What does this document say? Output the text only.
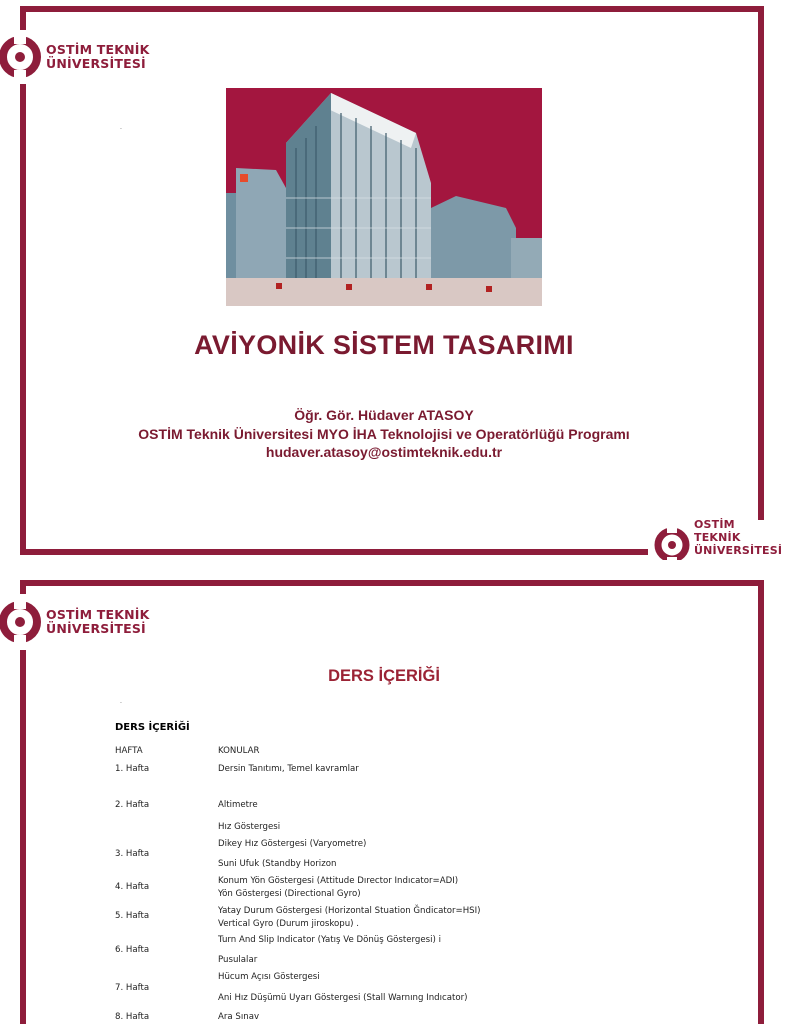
OSTİM TEKNİK
ÜNİVERSİTESİ
.
AVİYONİK SİSTEM TASARIMI
Öğr. Gör. Hüdaver ATASOY
OSTİM Teknik Üniversitesi MYO İHA Teknolojisi ve Operatörlüğü Programı
hudaver.atasoy@ostimteknik.edu.tr
OSTİM TEKNİK
ÜNİVERSİTESİ
OSTİM TEKNİK
ÜNİVERSİTESİ
DERS İÇERİĞİ
.
DERS İÇERİĞİ
HAFTA	KONULAR
1. Hafta
2. Hafta
3. Hafta
4. Hafta
5. Hafta
6. Hafta
7. Hafta
8. Hafta
Dersin Tanıtımı, Temel kavramlar
Altimetre
Hız Göstergesi
Dikey Hız Göstergesi (Varyometre)
Suni Ufuk (Standby Horizon
Konum Yön Göstergesi (Attitude Dırector Indıcator=ADI)
Yön Göstergesi (Directional Gyro)
Yatay Durum Göstergesi (Horizontal Stuation Ğndicator=HSI)
Vertical Gyro (Durum jiroskopu) .
Turn And Slip Indicator (Yatış Ve Dönüş Göstergesi) i
Pusulalar
Hücum Açısı Göstergesi
Ani Hız Düşümü Uyarı Göstergesi (Stall Warnıng Indıcator)
Ara Sınav
